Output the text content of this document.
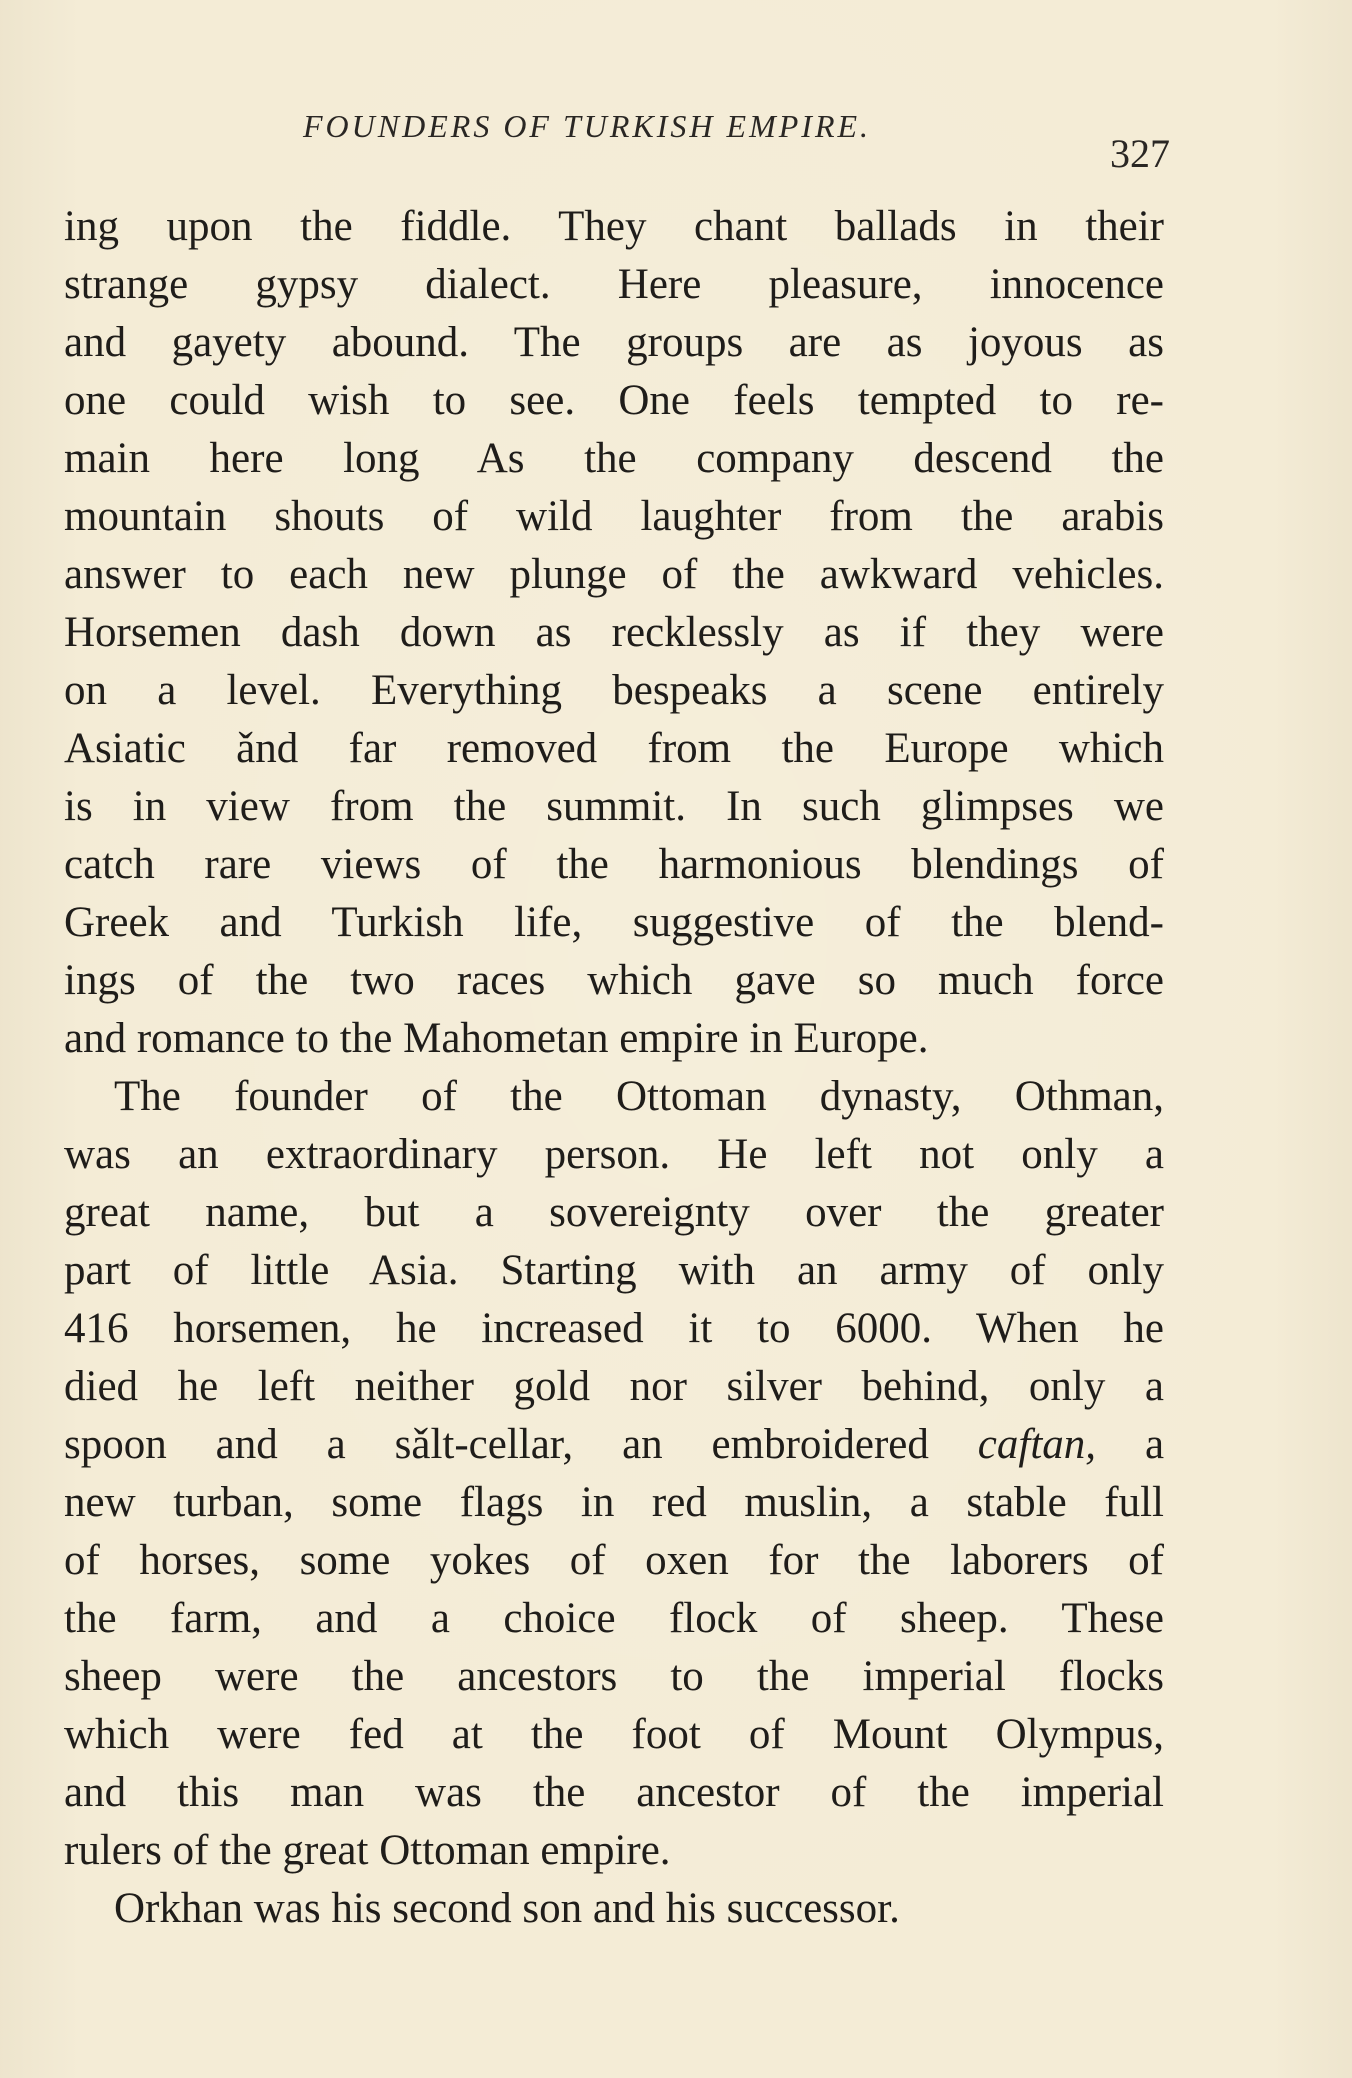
FOUNDERS OF TURKISH EMPIRE.
327
ing upon the fiddle. They chant ballads in their
strange gypsy dialect. Here pleasure, innocence
and gayety abound. The groups are as joyous as
one could wish to see. One feels tempted to re-
main here long As the company descend the
mountain shouts of wild laughter from the arabis
answer to each new plunge of the awkward vehicles.
Horsemen dash down as recklessly as if they were
on a level. Everything bespeaks a scene entirely
Asiatic ǎnd far removed from the Europe which
is in view from the summit. In such glimpses we
catch rare views of the harmonious blendings of
Greek and Turkish life, suggestive of the blend-
ings of the two races which gave so much force
and romance to the Mahometan empire in Europe.
The founder of the Ottoman dynasty, Othman,
was an extraordinary person. He left not only a
great name, but a sovereignty over the greater
part of little Asia. Starting with an army of only
416 horsemen, he increased it to 6000. When he
died he left neither gold nor silver behind, only a
spoon and a sǎlt-cellar, an embroidered caftan, a
new turban, some flags in red muslin, a stable full
of horses, some yokes of oxen for the laborers of
the farm, and a choice flock of sheep. These
sheep were the ancestors to the imperial flocks
which were fed at the foot of Mount Olympus,
and this man was the ancestor of the imperial
rulers of the great Ottoman empire.
Orkhan was his second son and his successor.
